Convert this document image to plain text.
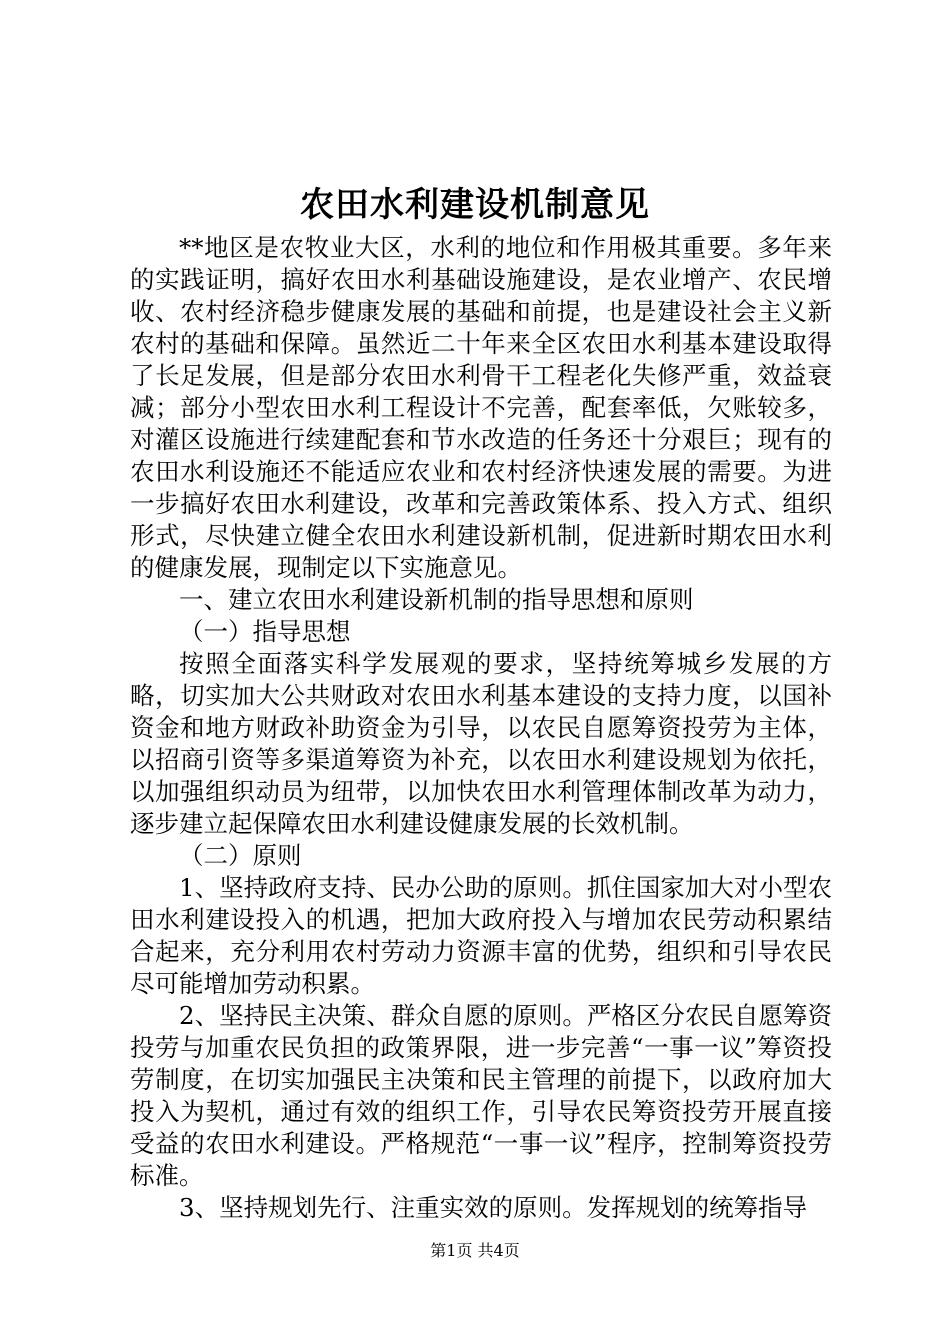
农田水利建设机制意见

**地区是农牧业大区，水利的地位和作用极其重要。多年来的实践证明，搞好农田水利基础设施建设，是农业增产、农民增收、农村经济稳步健康发展的基础和前提，也是建设社会主义新农村的基础和保障。虽然近二十年来全区农田水利基本建设取得了长足发展，但是部分农田水利骨干工程老化失修严重，效益衰减；部分小型农田水利工程设计不完善，配套率低，欠账较多，对灌区设施进行续建配套和节水改造的任务还十分艰巨；现有的农田水利设施还不能适应农业和农村经济快速发展的需要。为进一步搞好农田水利建设，改革和完善政策体系、投入方式、组织形式，尽快建立健全农田水利建设新机制，促进新时期农田水利的健康发展，现制定以下实施意见。

一、建立农田水利建设新机制的指导思想和原则

（一）指导思想

按照全面落实科学发展观的要求，坚持统筹城乡发展的方略，切实加大公共财政对农田水利基本建设的支持力度，以国补资金和地方财政补助资金为引导，以农民自愿筹资投劳为主体，以招商引资等多渠道筹资为补充，以农田水利建设规划为依托，以加强组织动员为纽带，以加快农田水利管理体制改革为动力，逐步建立起保障农田水利建设健康发展的长效机制。

（二）原则

1、坚持政府支持、民办公助的原则。抓住国家加大对小型农田水利建设投入的机遇，把加大政府投入与增加农民劳动积累结合起来，充分利用农村劳动力资源丰富的优势，组织和引导农民尽可能增加劳动积累。

2、坚持民主决策、群众自愿的原则。严格区分农民自愿筹资投劳与加重农民负担的政策界限，进一步完善“一事一议”筹资投劳制度，在切实加强民主决策和民主管理的前提下，以政府加大投入为契机，通过有效的组织工作，引导农民筹资投劳开展直接受益的农田水利建设。严格规范“一事一议”程序，控制筹资投劳标准。

3、坚持规划先行、注重实效的原则。发挥规划的统筹指导

第1页 共4页
